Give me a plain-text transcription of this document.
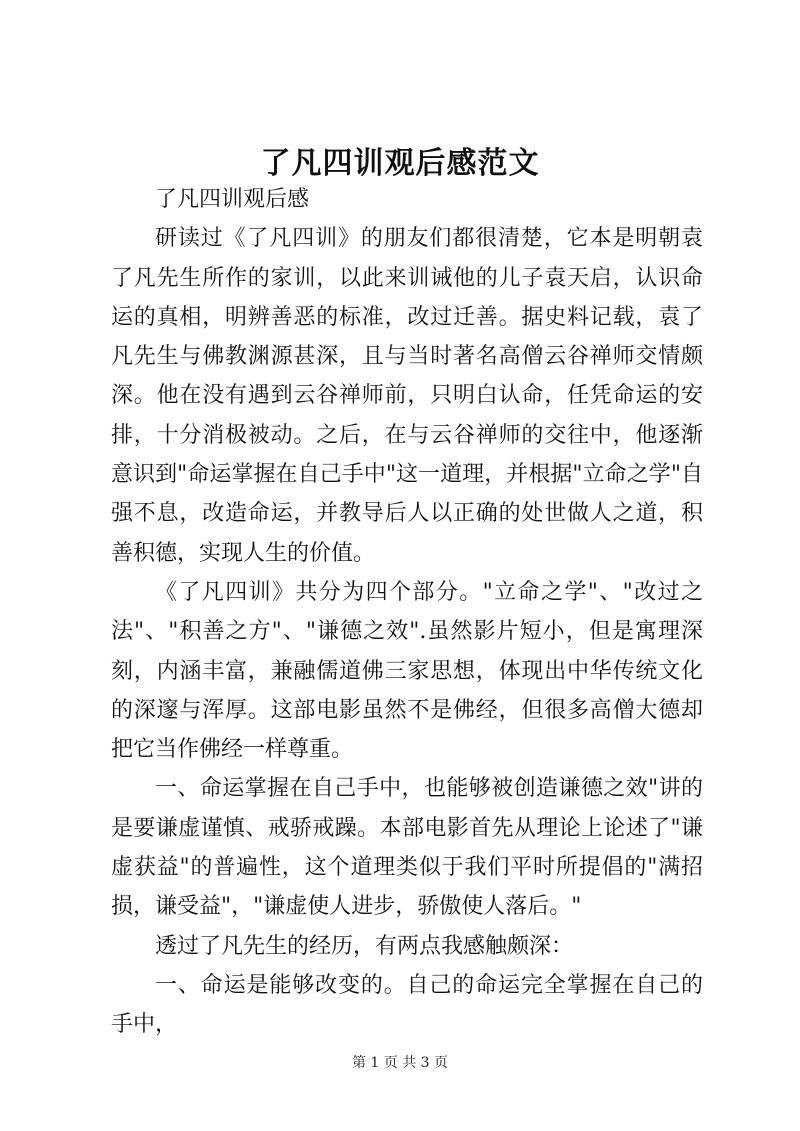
了凡四训观后感范文

了凡四训观后感

研读过《了凡四训》的朋友们都很清楚，它本是明朝袁了凡先生所作的家训，以此来训诫他的儿子袁天启，认识命运的真相，明辨善恶的标准，改过迁善。据史料记载，袁了凡先生与佛教渊源甚深，且与当时著名高僧云谷禅师交情颇深。他在没有遇到云谷禅师前，只明白认命，任凭命运的安排，十分消极被动。之后，在与云谷禅师的交往中，他逐渐意识到"命运掌握在自己手中"这一道理，并根据"立命之学"自强不息，改造命运，并教导后人以正确的处世做人之道，积善积德，实现人生的价值。

《了凡四训》共分为四个部分。"立命之学"、"改过之法"、"积善之方"、"谦德之效".虽然影片短小，但是寓理深刻，内涵丰富，兼融儒道佛三家思想，体现出中华传统文化的深邃与浑厚。这部电影虽然不是佛经，但很多高僧大德却把它当作佛经一样尊重。

一、命运掌握在自己手中，也能够被创造谦德之效"讲的是要谦虚谨慎、戒骄戒躁。本部电影首先从理论上论述了"谦虚获益"的普遍性，这个道理类似于我们平时所提倡的"满招损，谦受益"，"谦虚使人进步，骄傲使人落后。"

透过了凡先生的经历，有两点我感触颇深：

一、命运是能够改变的。自己的命运完全掌握在自己的手中，

第 1 页 共 3 页
